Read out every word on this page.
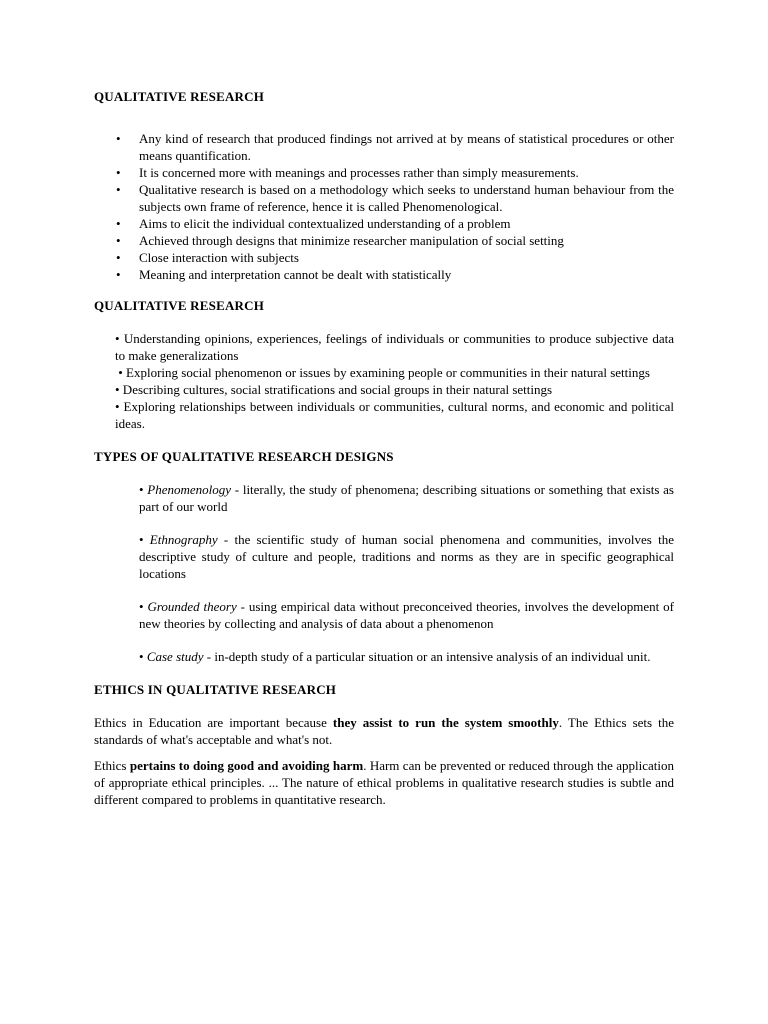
QUALITATIVE RESEARCH

• Any kind of research that produced findings not arrived at by means of statistical procedures or other means quantification.
• It is concerned more with meanings and processes rather than simply measurements.
• Qualitative research is based on a methodology which seeks to understand human behaviour from the subjects own frame of reference, hence it is called Phenomenological.
• Aims to elicit the individual contextualized understanding of a problem
• Achieved through designs that minimize researcher manipulation of social setting
• Close interaction with subjects
• Meaning and interpretation cannot be dealt with statistically

QUALITATIVE RESEARCH

• Understanding opinions, experiences, feelings of individuals or communities to produce subjective data to make generalizations

• Exploring social phenomenon or issues by examining people or communities in their natural settings

• Describing cultures, social stratifications and social groups in their natural settings

• Exploring relationships between individuals or communities, cultural norms, and economic and political ideas.

TYPES OF QUALITATIVE RESEARCH DESIGNS

• Phenomenology - literally, the study of phenomena; describing situations or something that exists as part of our world

• Ethnography - the scientific study of human social phenomena and communities, involves the descriptive study of culture and people, traditions and norms as they are in specific geographical locations

• Grounded theory - using empirical data without preconceived theories, involves the development of new theories by collecting and analysis of data about a phenomenon

• Case study - in-depth study of a particular situation or an intensive analysis of an individual unit.

ETHICS IN QUALITATIVE RESEARCH

Ethics in Education are important because they assist to run the system smoothly. The Ethics sets the standards of what's acceptable and what's not.

Ethics pertains to doing good and avoiding harm. Harm can be prevented or reduced through the application of appropriate ethical principles. ... The nature of ethical problems in qualitative research studies is subtle and different compared to problems in quantitative research.
